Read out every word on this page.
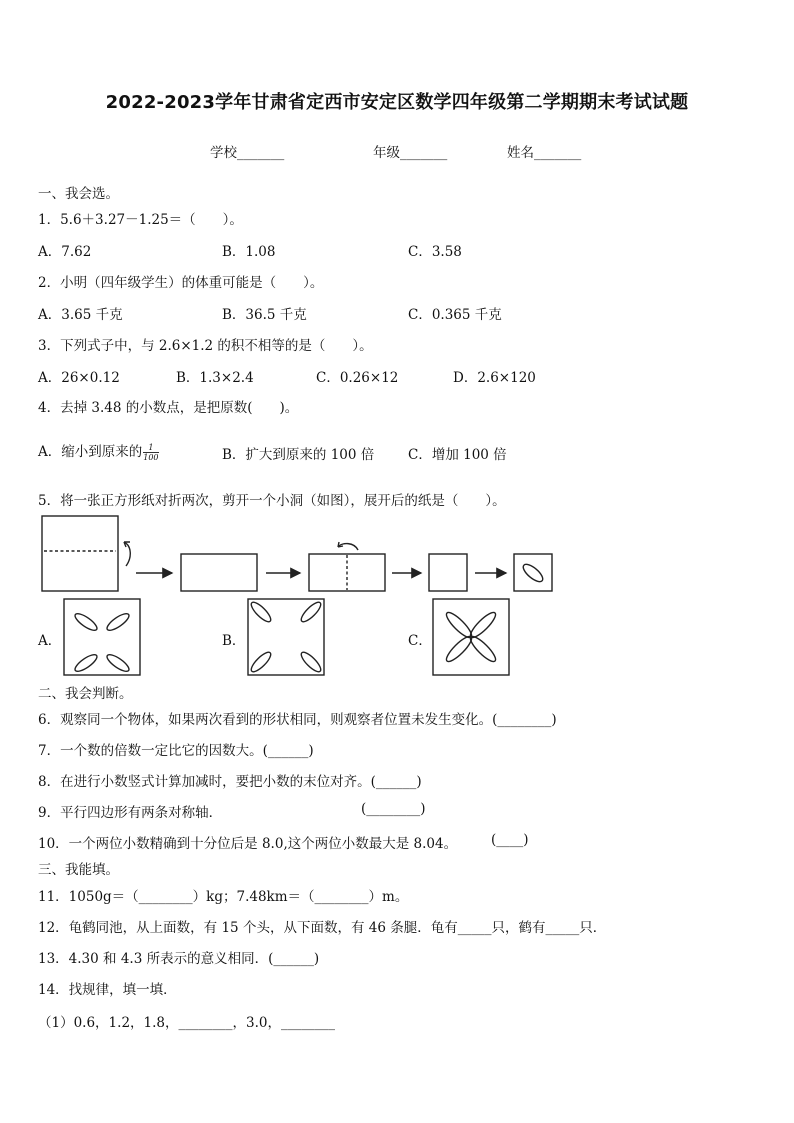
2022-2023学年甘肃省定西市安定区数学四年级第二学期期末考试试题
学校_______	年级_______	姓名_______
一、我会选。
1．5.6＋3.27－1.25＝（　　）。
A．7.62	B．1.08	C．3.58
2．小明（四年级学生）的体重可能是（　　）。
A．3.65 千克	B．36.5 千克	C．0.365 千克
3．下列式子中，与 2.6×1.2 的积不相等的是（　　）。
A．26×0.12	B．1.3×2.4	C．0.26×12	D．2.6×120
4．去掉 3.48 的小数点，是把原数(　　)。
A．缩小到原来的 $\frac{1}{100}$	B．扩大到原来的 100 倍 C．增加 100 倍
5．将一张正方形纸对折两次，剪开一个小洞（如图），展开后的纸是（　　）。
A．	B．	C．
二、我会判断。
6．观察同一个物体，如果两次看到的形状相同，则观察者位置未发生变化。(________)
7．一个数的倍数一定比它的因数大。(______)
8．在进行小数竖式计算加减时，要把小数的末位对齐。(______)
9．平行四边形有两条对称轴．	(________)
10．一个两位小数精确到十分位后是 8.0,这个两位小数最大是 8.04。	(____)
三、我能填。
11．1050g＝（________）kg；7.48km＝（________）m。
12．龟鹤同池，从上面数，有 15 个头，从下面数，有 46 条腿．龟有_____只，鹤有_____只．
13．4.30 和 4.3 所表示的意义相同．(______)
14．找规律，填一填．
（1）0.6，1.2，1.8，________，3.0，________
